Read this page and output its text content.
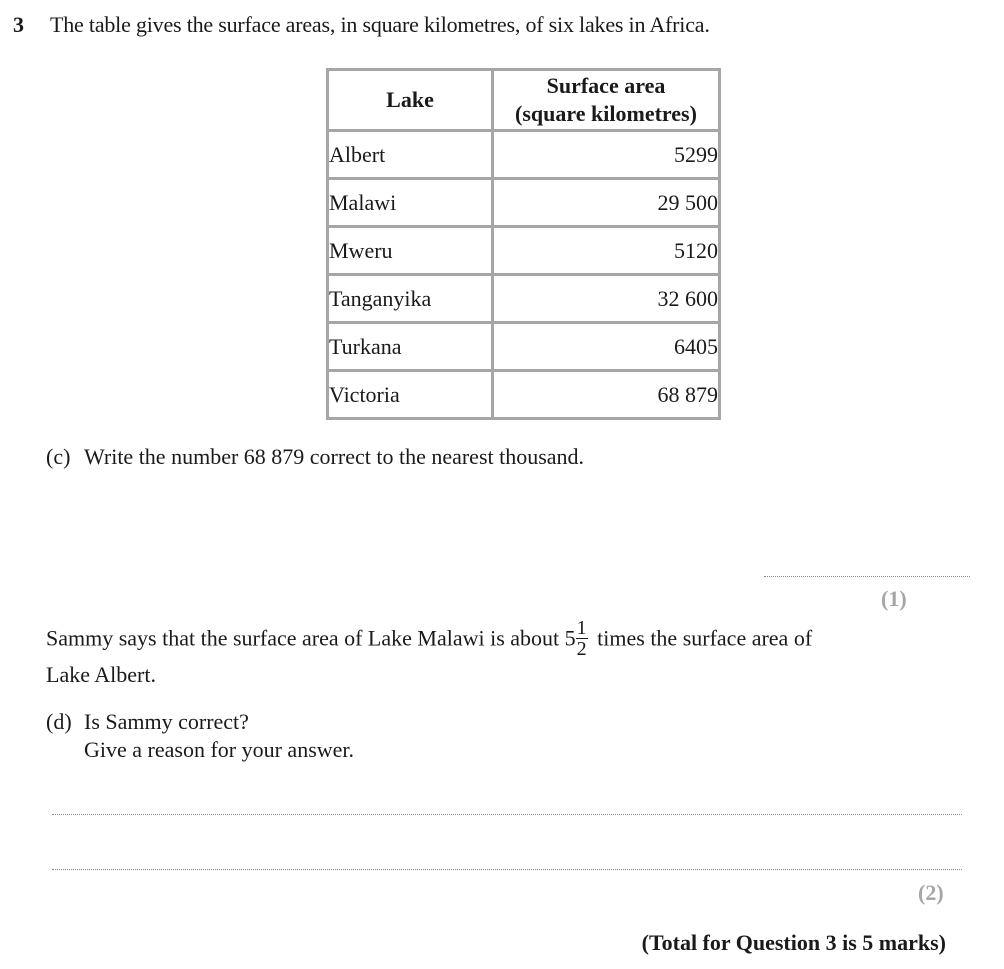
3 The table gives the surface areas, in square kilometres, of six lakes in Africa.
Lake	Surface area
(square kilometres)
Albert	5299
Malawi	29 500
Mweru	5120
Tanganyika	32 600
Turkana	6405
Victoria	68 879
(c) Write the number 68 879 correct to the nearest thousand.
(1)
Sammy says that the surface area of Lake Malawi is about $5 \frac{1}{2}$ times the surface area of
Lake Albert.
(d) Is Sammy correct?
Give a reason for your answer.
(2)
(Total for Question 3 is 5 marks)
